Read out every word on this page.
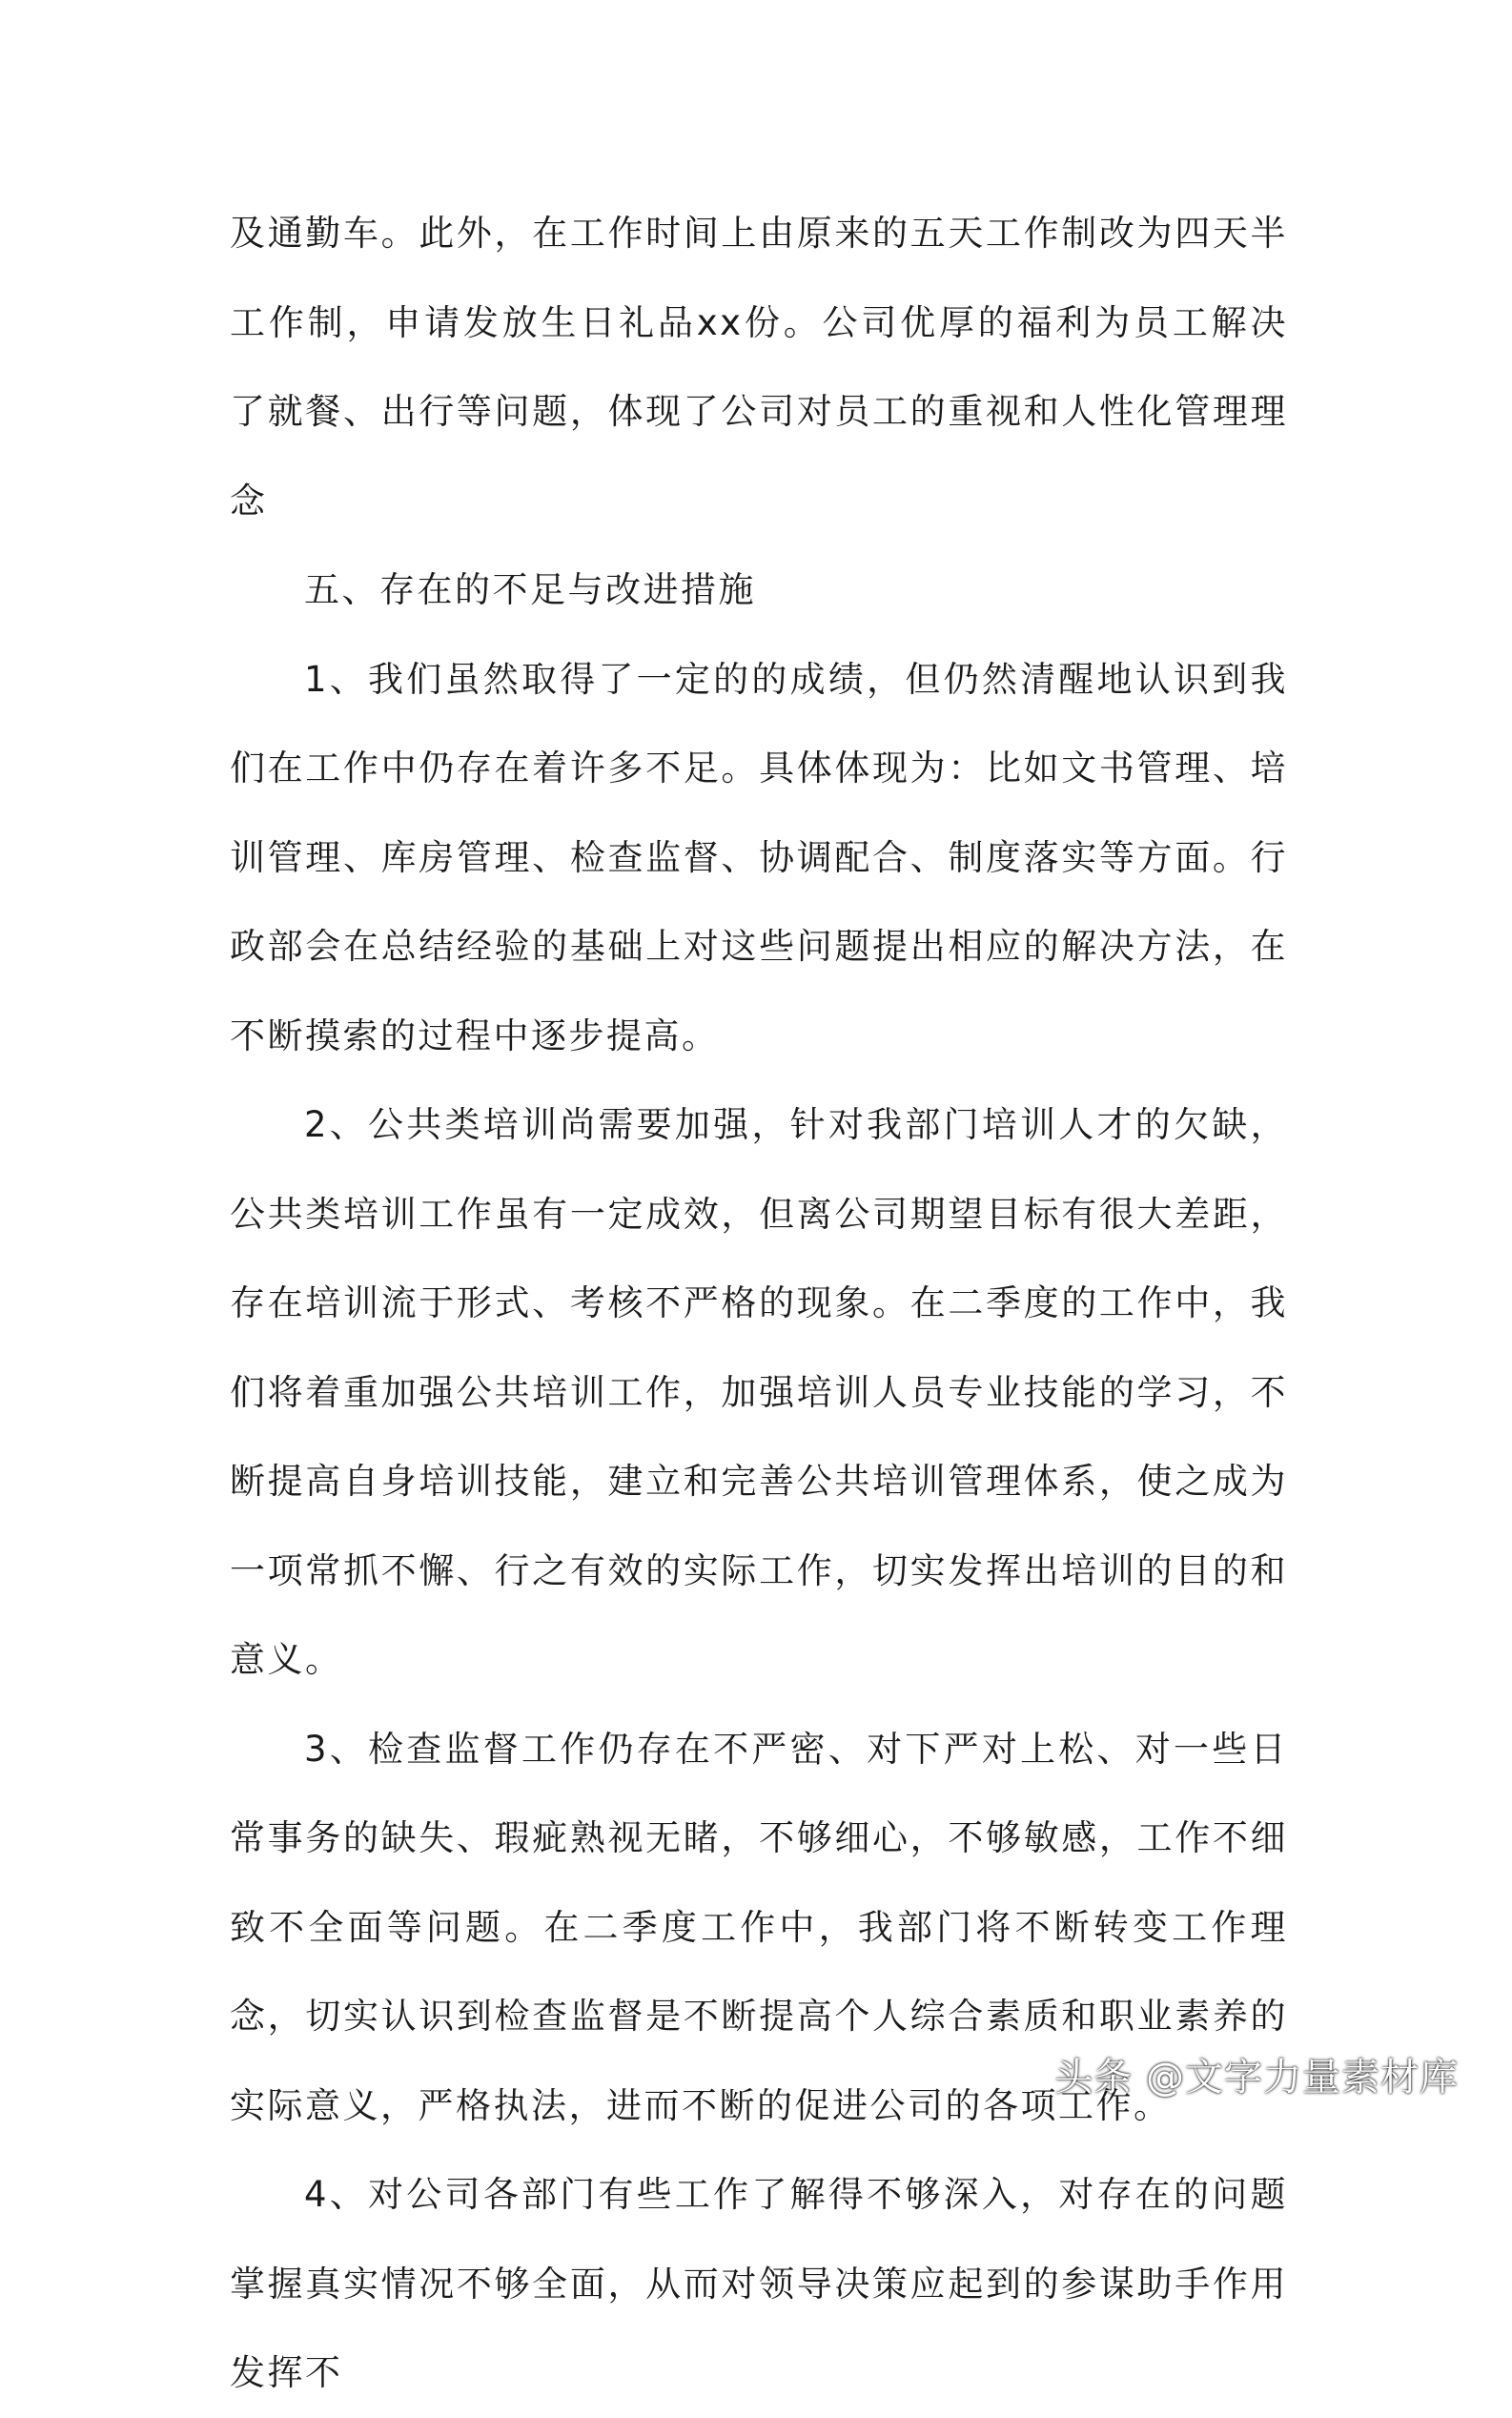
及通勤车。此外，在工作时间上由原来的五天工作制改为四天半工作制，申请发放生日礼品xx份。公司优厚的福利为员工解决了就餐、出行等问题，体现了公司对员工的重视和人性化管理理念

五、存在的不足与改进措施

1、我们虽然取得了一定的的成绩，但仍然清醒地认识到我们在工作中仍存在着许多不足。具体体现为：比如文书管理、培训管理、库房管理、检查监督、协调配合、制度落实等方面。行政部会在总结经验的基础上对这些问题提出相应的解决方法，在不断摸索的过程中逐步提高。

2、公共类培训尚需要加强，针对我部门培训人才的欠缺，公共类培训工作虽有一定成效，但离公司期望目标有很大差距，存在培训流于形式、考核不严格的现象。在二季度的工作中，我们将着重加强公共培训工作，加强培训人员专业技能的学习，不断提高自身培训技能，建立和完善公共培训管理体系，使之成为一项常抓不懈、行之有效的实际工作，切实发挥出培训的目的和意义。

3、检查监督工作仍存在不严密、对下严对上松、对一些日常事务的缺失、瑕疵熟视无睹，不够细心，不够敏感，工作不细致不全面等问题。在二季度工作中，我部门将不断转变工作理念，切实认识到检查监督是不断提高个人综合素质和职业素养的实际意义，严格执法，进而不断的促进公司的各项工作。

4、对公司各部门有些工作了解得不够深入，对存在的问题掌握真实情况不够全面，从而对领导决策应起到的参谋助手作用发挥不

头条 @文字力量素材库
